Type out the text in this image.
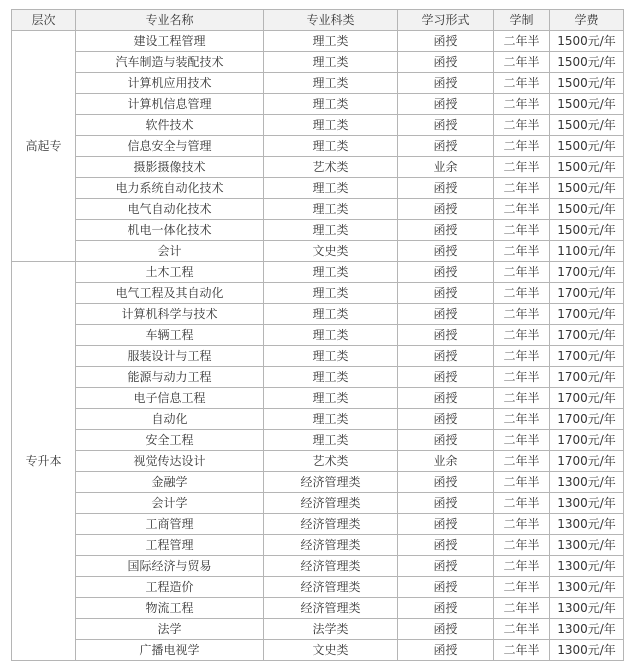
层次	专业名称	专业科类	学习形式	学制	学费
高起专	建设工程管理	理工类	函授	二年半	1500元/年
	汽车制造与装配技术	理工类	函授	二年半	1500元/年
	计算机应用技术	理工类	函授	二年半	1500元/年
	计算机信息管理	理工类	函授	二年半	1500元/年
	软件技术	理工类	函授	二年半	1500元/年
	信息安全与管理	理工类	函授	二年半	1500元/年
	摄影摄像技术	艺术类	业余	二年半	1500元/年
	电力系统自动化技术	理工类	函授	二年半	1500元/年
	电气自动化技术	理工类	函授	二年半	1500元/年
	机电一体化技术	理工类	函授	二年半	1500元/年
	会计	文史类	函授	二年半	1100元/年
专升本	土木工程	理工类	函授	二年半	1700元/年
	电气工程及其自动化	理工类	函授	二年半	1700元/年
	计算机科学与技术	理工类	函授	二年半	1700元/年
	车辆工程	理工类	函授	二年半	1700元/年
	服装设计与工程	理工类	函授	二年半	1700元/年
	能源与动力工程	理工类	函授	二年半	1700元/年
	电子信息工程	理工类	函授	二年半	1700元/年
	自动化	理工类	函授	二年半	1700元/年
	安全工程	理工类	函授	二年半	1700元/年
	视觉传达设计	艺术类	业余	二年半	1700元/年
	金融学	经济管理类	函授	二年半	1300元/年
	会计学	经济管理类	函授	二年半	1300元/年
	工商管理	经济管理类	函授	二年半	1300元/年
	工程管理	经济管理类	函授	二年半	1300元/年
	国际经济与贸易	经济管理类	函授	二年半	1300元/年
	工程造价	经济管理类	函授	二年半	1300元/年
	物流工程	经济管理类	函授	二年半	1300元/年
	法学	法学类	函授	二年半	1300元/年
	广播电视学	文史类	函授	二年半	1300元/年
